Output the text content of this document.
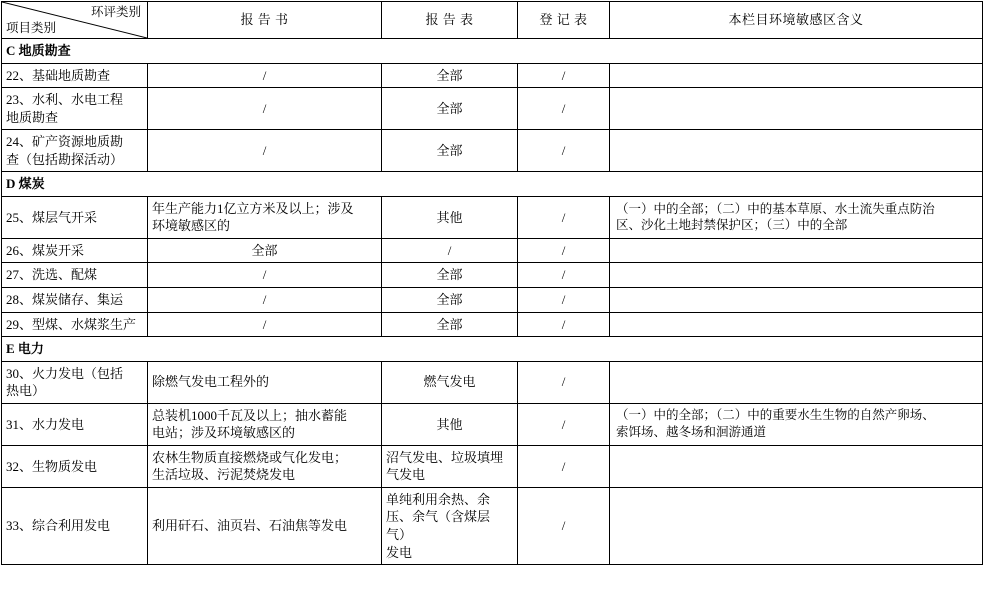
环评类别
项目类别	报 告 书	报 告 表	登 记 表	本栏目环境敏感区含义
C 地质勘查				
22、基础地质勘查	/	全部	/	
23、水利、水电工程
地质勘查	/	全部	/	
24、矿产资源地质勘
查（包括勘探活动）	/	全部	/	
D 煤炭				
25、煤层气开采	年生产能力1亿立方米及以上；涉及
环境敏感区的	其他	/	（一）中的全部；（二）中的基本草原、水土流失重点防治
区、沙化土地封禁保护区；（三）中的全部
26、煤炭开采	全部	/	/	
27、洗选、配煤	/	全部	/	
28、煤炭储存、集运	/	全部	/	
29、型煤、水煤浆生产	/	全部	/	
E 电力				
30、火力发电（包括
热电）	除燃气发电工程外的	燃气发电	/	
31、水力发电	总装机1000千瓦及以上；抽水蓄能
电站；涉及环境敏感区的	其他	/	（一）中的全部；（二）中的重要水生生物的自然产卵场、
索饵场、越冬场和洄游通道
32、生物质发电	农林生物质直接燃烧或气化发电；
生活垃圾、污泥焚烧发电	沼气发电、垃圾填埋
气发电	/	
33、综合利用发电	利用矸石、油页岩、石油焦等发电	单纯利用余热、余
压、余气（含煤层气）
发电	/	
